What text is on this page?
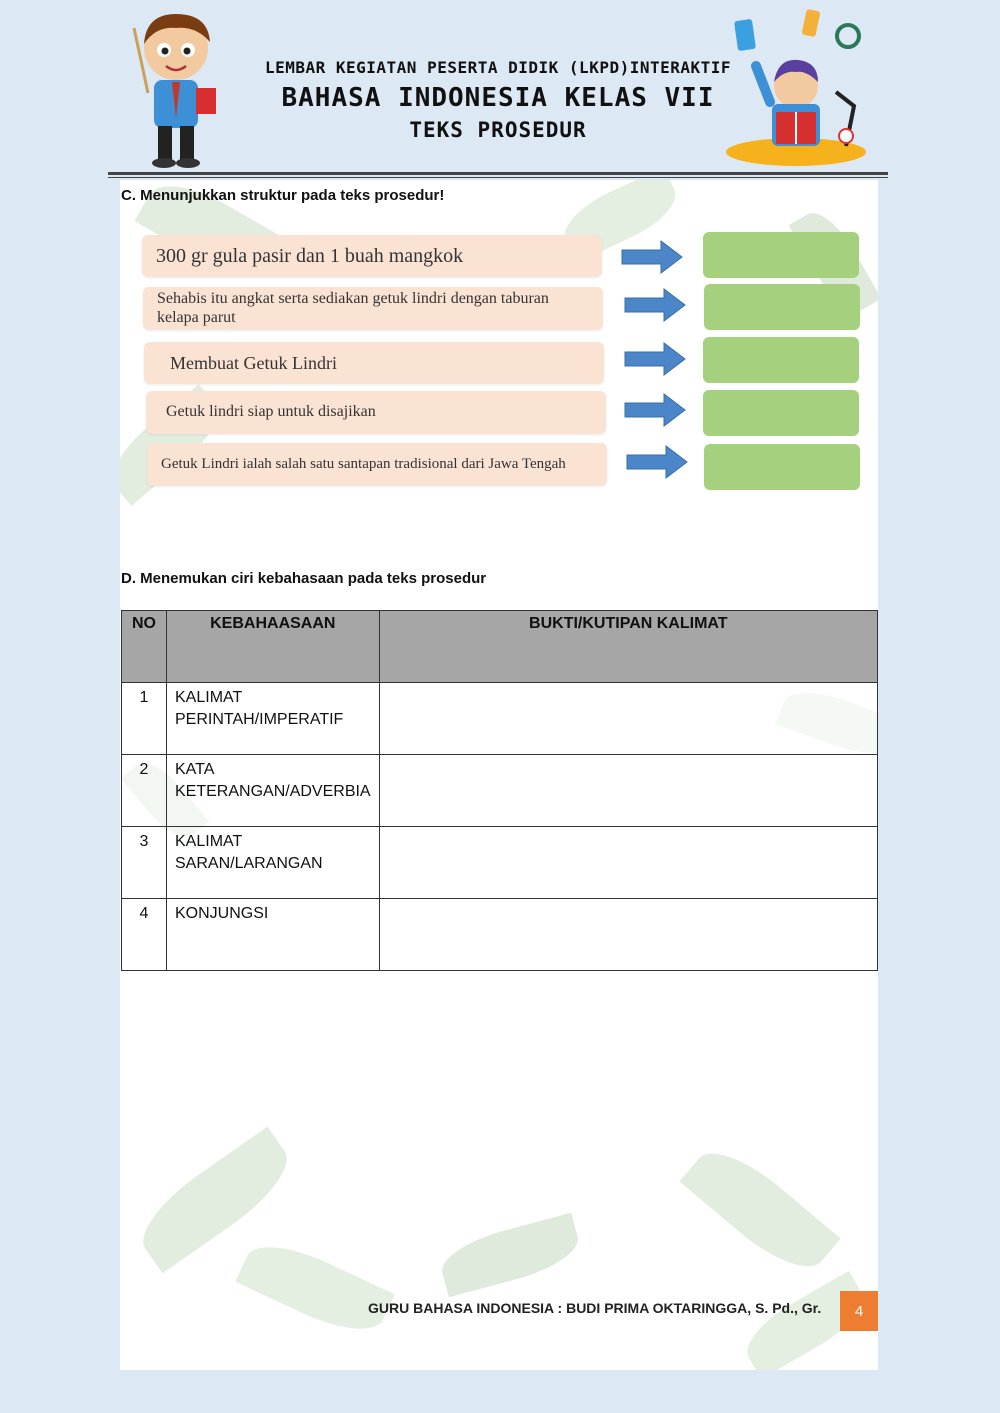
LEMBAR KEGIATAN PESERTA DIDIK (LKPD)INTERAKTIF
BAHASA INDONESIA KELAS VII
TEKS PROSEDUR
C. Menunjukkan struktur pada teks prosedur!
300 gr gula pasir dan 1 buah mangkok
Sehabis itu angkat serta sediakan getuk lindri dengan taburan kelapa parut
Membuat Getuk Lindri
Getuk lindri siap untuk disajikan
Getuk Lindri ialah salah satu santapan tradisional dari Jawa Tengah
D. Menemukan ciri kebahasaan pada teks prosedur
NO	KEBAHAASAAN	BUKTI/KUTIPAN KALIMAT
1	KALIMAT PERINTAH/IMPERATIF	
2	KATA KETERANGAN/ADVERBIA	
3	KALIMAT SARAN/LARANGAN	
4	KONJUNGSI	
GURU BAHASA INDONESIA : BUDI PRIMA OKTARINGGA, S. Pd., Gr.	4
